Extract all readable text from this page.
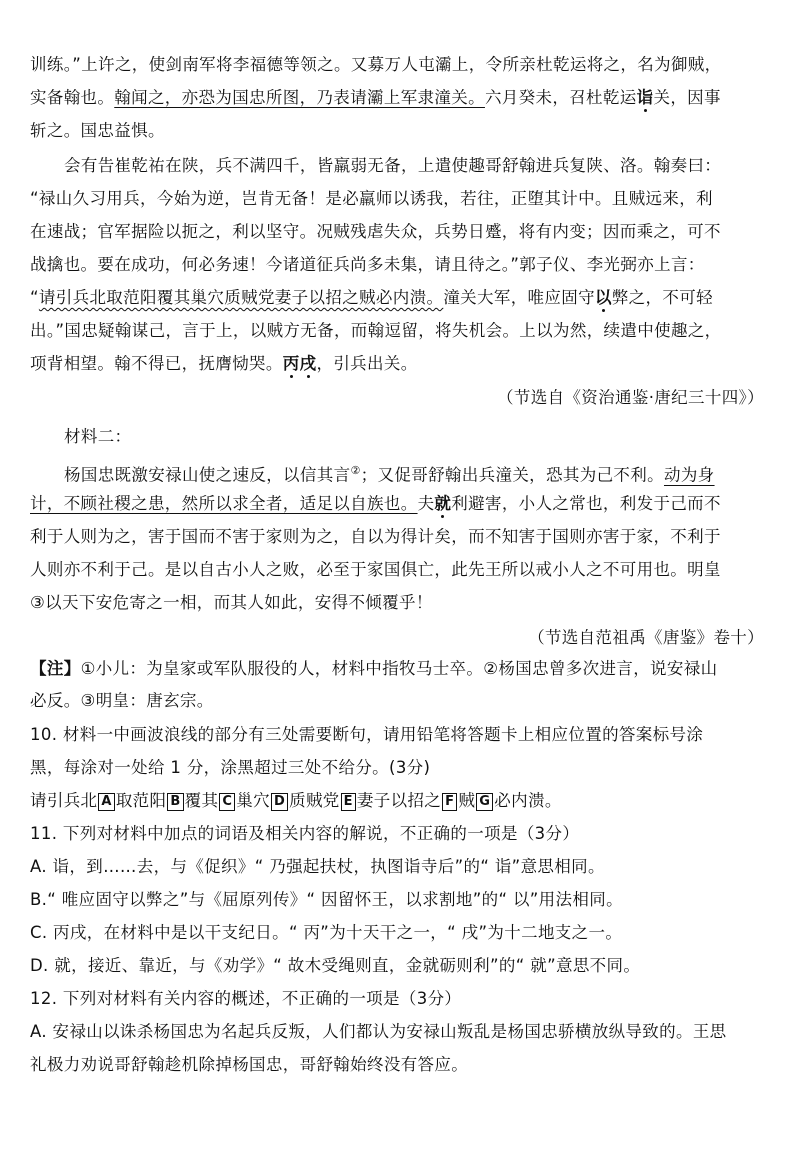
训练。”上许之，使剑南军将李福德等领之。又募万人屯灞上，令所亲杜乾运将之，名为御贼，
实备翰也。翰闻之，亦恐为国忠所图，乃表请灞上军隶潼关。六月癸未，召杜乾运诣关，因事
斩之。国忠益惧。
会有告崔乾祐在陕，兵不满四千，皆羸弱无备，上遣使趣哥舒翰进兵复陕、洛。翰奏曰：
“禄山久习用兵，今始为逆，岂肯无备！是必羸师以诱我，若往，正堕其计中。且贼远来，利
在速战；官军据险以扼之，利以坚守。况贼残虐失众，兵势日蹙，将有内变；因而乘之，可不
战擒也。要在成功，何必务速！今诸道征兵尚多未集，请且待之。”郭子仪、李光弼亦上言：
“请引兵北取范阳覆其巢穴质贼党妻子以招之贼必内溃。潼关大军，唯应固守以弊之，不可轻
出。”国忠疑翰谋己，言于上，以贼方无备，而翰逗留，将失机会。上以为然，续遣中使趣之，
项背相望。翰不得已，抚膺恸哭。丙戌，引兵出关。
（节选自《资治通鉴·唐纪三十四》）
材料二：
杨国忠既激安禄山使之速反，以信其言②；又促哥舒翰出兵潼关，恐其为己不利。动为身
计，不顾社稷之患，然所以求全者，适足以自族也。夫就利避害，小人之常也，利发于己而不
利于人则为之，害于国而不害于家则为之，自以为得计矣，而不知害于国则亦害于家，不利于
人则亦不利于己。是以自古小人之败，必至于家国俱亡，此先王所以戒小人之不可用也。明皇
③以天下安危寄之一相，而其人如此，安得不倾覆乎！
（节选自范祖禹《唐鉴》卷十）
【注】①小儿：为皇家或军队服役的人，材料中指牧马士卒。②杨国忠曾多次进言，说安禄山
必反。③明皇：唐玄宗。
10. 材料一中画波浪线的部分有三处需要断句，请用铅笔将答题卡上相应位置的答案标号涂
黑，每涂对一处给 1 分，涂黑超过三处不给分。(3分)
请引兵北 A 取范阳 B 覆其 C 巢穴 D 质贼党 E 妻子以招之 F 贼 G 必内溃。
11. 下列对材料中加点的词语及相关内容的解说，不正确的一项是（3分）
A. 诣，到……去，与《促织》“ 乃强起扶杖，执图诣寺后”的“ 诣”意思相同。
B.“ 唯应固守以弊之”与《屈原列传》“ 因留怀王，以求割地”的“ 以”用法相同。
C. 丙戌，在材料中是以干支纪日。“ 丙”为十天干之一，“ 戌”为十二地支之一。
D. 就，接近、靠近，与《劝学》“ 故木受绳则直，金就砺则利”的“ 就”意思不同。
12. 下列对材料有关内容的概述，不正确的一项是（3分）
A. 安禄山以诛杀杨国忠为名起兵反叛，人们都认为安禄山叛乱是杨国忠骄横放纵导致的。王思
礼极力劝说哥舒翰趁机除掉杨国忠，哥舒翰始终没有答应。
